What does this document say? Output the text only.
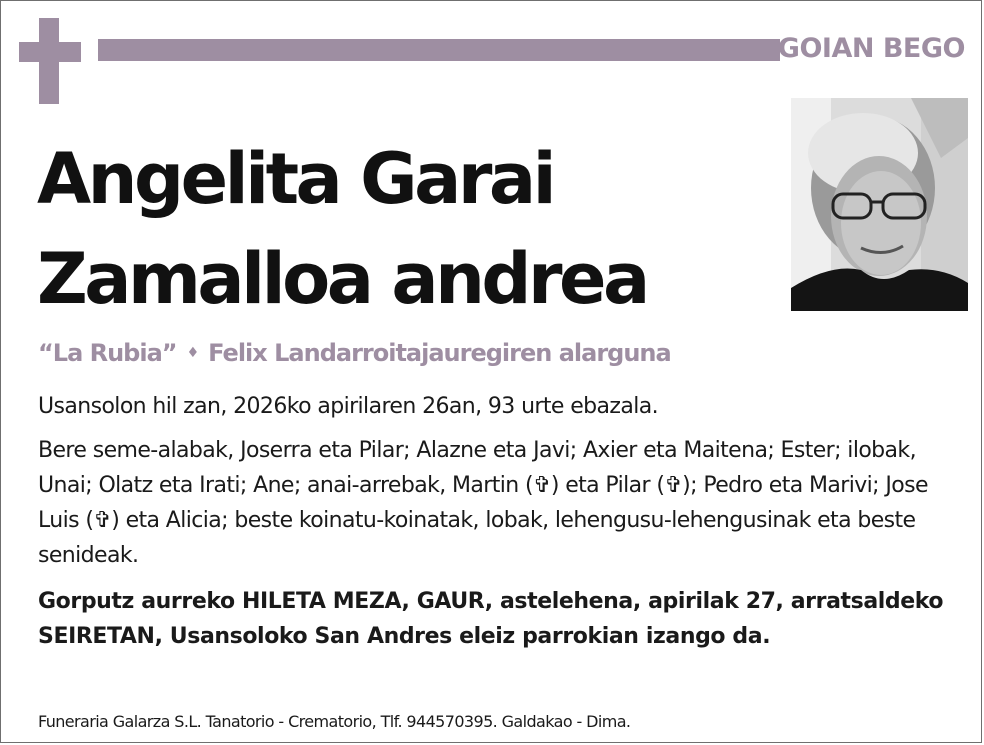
GOIAN BEGO
Angelita Garai
Zamalloa andrea
“La Rubia” ♦ Felix Landarroitajauregiren alarguna
Usansolon hil zan, 2026ko apirilaren 26an, 93 urte ebazala.
Bere seme-alabak, Joserra eta Pilar; Alazne eta Javi; Axier eta Maitena; Ester; ilobak, Unai; Olatz eta Irati; Ane; anai-arrebak, Martin (✞) eta Pilar (✞); Pedro eta Marivi; Jose Luis (✞) eta Alicia; beste koinatu-koinatak, lobak, lehengusu-lehengusinak eta beste senideak.
Gorputz aurreko HILETA MEZA, GAUR, astelehena, apirilak 27, arratsaldeko SEIRETAN, Usansoloko San Andres eleiz parrokian izango da.
Funeraria Galarza S.L. Tanatorio - Crematorio, Tlf. 944570395. Galdakao - Dima.
